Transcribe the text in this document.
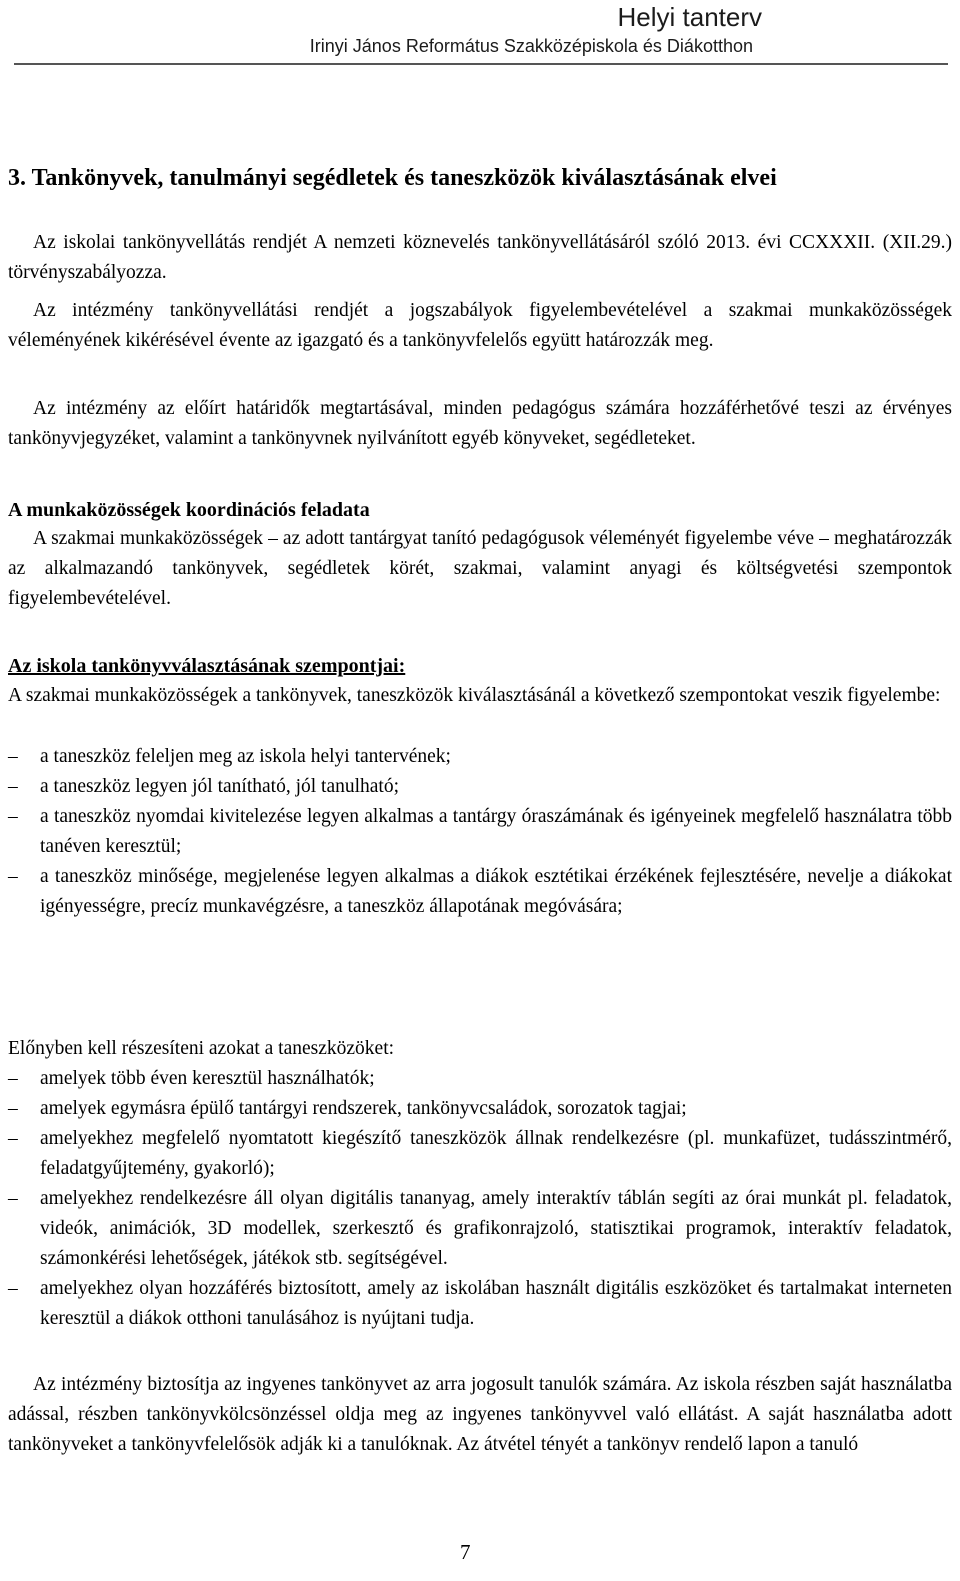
Helyi tanterv
Irinyi János Református Szakközépiskola és Diákotthon
3. Tankönyvek, tanulmányi segédletek és taneszközök kiválasztásának elvei

Az iskolai tankönyvellátás rendjét A nemzeti köznevelés tankönyvellátásáról szóló 2013. évi CCXXXII. (XII.29.) törvényszabályozza.

Az intézmény tankönyvellátási rendjét a jogszabályok figyelembevételével a szakmai munkaközösségek véleményének kikérésével évente az igazgató és a tankönyvfelelős együtt határozzák meg.

Az intézmény az előírt határidők megtartásával, minden pedagógus számára hozzáférhetővé teszi az érvényes tankönyvjegyzéket, valamint a tankönyvnek nyilvánított egyéb könyveket, segédleteket.

A munkaközösségek koordinációs feladata

A szakmai munkaközösségek – az adott tantárgyat tanító pedagógusok véleményét figyelembe véve – meghatározzák az alkalmazandó tankönyvek, segédletek körét, szakmai, valamint anyagi és költségvetési szempontok figyelembevételével.

Az iskola tankönyvválasztásának szempontjai:

A szakmai munkaközösségek a tankönyvek, taneszközök kiválasztásánál a következő szempontokat veszik figyelembe:

–	a taneszköz feleljen meg az iskola helyi tantervének;
–	a taneszköz legyen jól tanítható, jól tanulható;
–	a taneszköz nyomdai kivitelezése legyen alkalmas a tantárgy óraszámának és igényeinek megfelelő használatra több tanéven keresztül;
–	a taneszköz minősége, megjelenése legyen alkalmas a diákok esztétikai érzékének fejlesztésére, nevelje a diákokat igényességre, precíz munkavégzésre, a taneszköz állapotának megóvására;

Előnyben kell részesíteni azokat a taneszközöket:

–	amelyek több éven keresztül használhatók;
–	amelyek egymásra épülő tantárgyi rendszerek, tankönyvcsaládok, sorozatok tagjai;
–	amelyekhez megfelelő nyomtatott kiegészítő taneszközök állnak rendelkezésre (pl. munkafüzet, tudásszintmérő, feladatgyűjtemény, gyakorló);
–	amelyekhez rendelkezésre áll olyan digitális tananyag, amely interaktív táblán segíti az órai munkát pl. feladatok, videók, animációk, 3D modellek, szerkesztő és grafikonrajzoló, statisztikai programok, interaktív feladatok, számonkérési lehetőségek, játékok stb. segítségével.
–	amelyekhez olyan hozzáférés biztosított, amely az iskolában használt digitális eszközöket és tartalmakat interneten keresztül a diákok otthoni tanulásához is nyújtani tudja.

Az intézmény biztosítja az ingyenes tankönyvet az arra jogosult tanulók számára. Az iskola részben saját használatba adással, részben tankönyvkölcsönzéssel oldja meg az ingyenes tankönyvvel való ellátást. A saját használatba adott tankönyveket a tankönyvfelelősök adják ki a tanulóknak. Az átvétel tényét a tankönyv rendelő lapon a tanuló

7
